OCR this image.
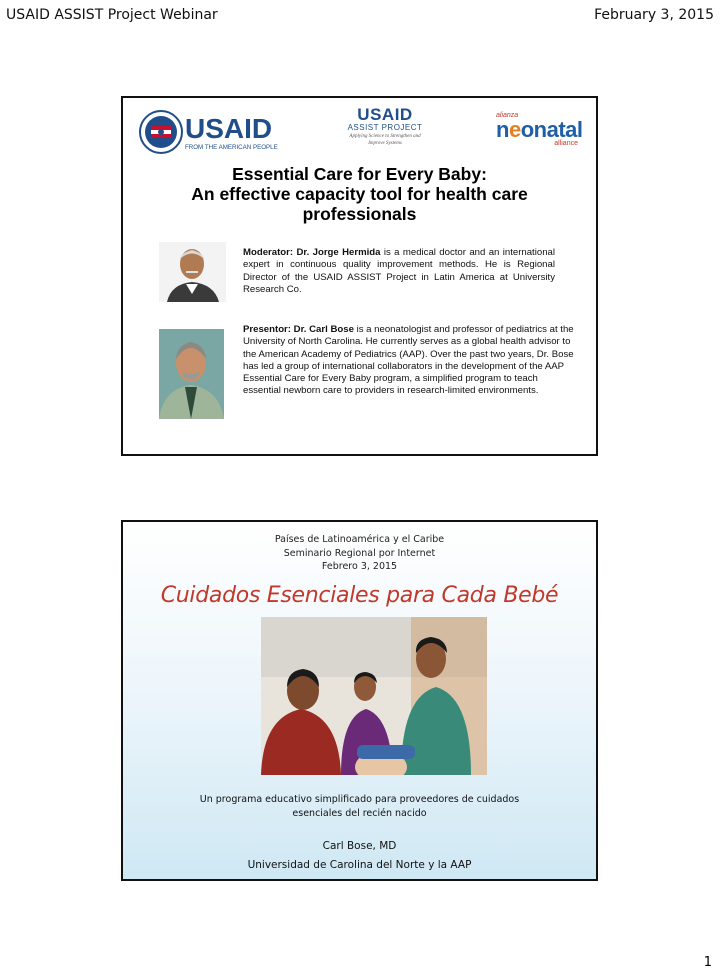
USAID ASSIST Project Webinar	February 3, 2015
USAID
FROM THE AMERICAN PEOPLE
USAID
ASSIST PROJECT
Applying Science to Strengthen and Improve Systems
alianza
neonatal
alliance
Essential Care for Every Baby:
An effective capacity tool for health care
professionals
Moderator: Dr. Jorge Hermida is a medical doctor and an international expert in continuous quality improvement methods. He is Regional Director of the USAID ASSIST Project in Latin America at University Research Co.
Presentor: Dr. Carl Bose is a neonatologist and professor of pediatrics at the University of North Carolina. He currently serves as a global health advisor to the American Academy of Pediatrics (AAP). Over the past two years, Dr. Bose has led a group of international collaborators in the development of the AAP Essential Care for Every Baby program, a simplified program to teach essential newborn care to providers in research-limited environments.
Países de Latinoamérica y el Caribe
Seminario Regional por Internet
Febrero 3, 2015
Cuidados Esenciales para Cada Bebé
Un programa educativo simplificado para proveedores de cuidados
esenciales del recién nacido
Carl Bose, MD
Universidad de Carolina del Norte y la AAP
1
